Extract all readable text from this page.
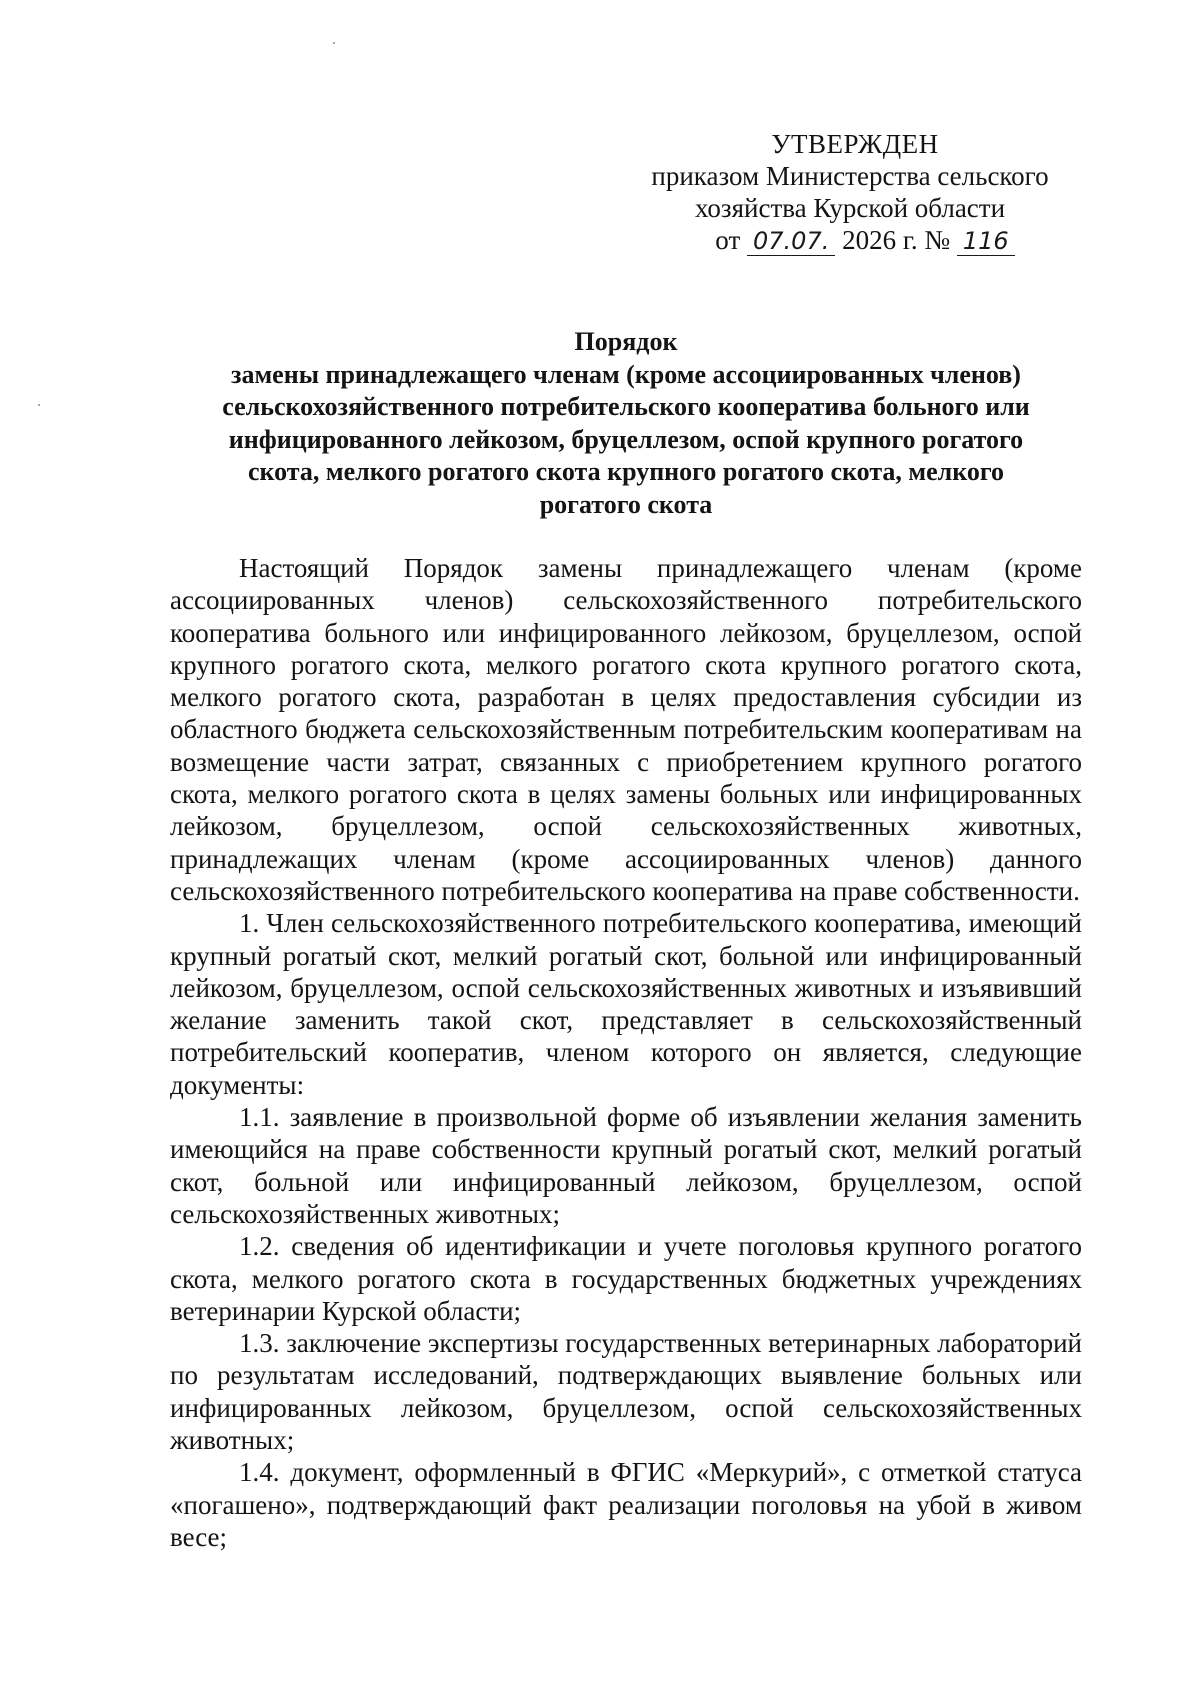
УТВЕРЖДЕН
приказом Министерства сельского
хозяйства Курской области
от 07.07. 2026 г. № 116
Порядок
замены принадлежащего членам (кроме ассоциированных членов)
сельскохозяйственного потребительского кооператива больного или
инфицированного лейкозом, бруцеллезом, оспой крупного рогатого
скота, мелкого рогатого скота крупного рогатого скота, мелкого
рогатого скота

Настоящий Порядок замены принадлежащего членам (кроме ассоциированных членов) сельскохозяйственного потребительского кооператива больного или инфицированного лейкозом, бруцеллезом, оспой крупного рогатого скота, мелкого рогатого скота крупного рогатого скота, мелкого рогатого скота, разработан в целях предоставления субсидии из областного бюджета сельскохозяйственным потребительским кооперативам на возмещение части затрат, связанных с приобретением крупного рогатого скота, мелкого рогатого скота в целях замены больных или инфицированных лейкозом, бруцеллезом, оспой сельскохозяйственных животных, принадлежащих членам (кроме ассоциированных членов) данного сельскохозяйственного потребительского кооператива на праве собственности.

1. Член сельскохозяйственного потребительского кооператива, имеющий крупный рогатый скот, мелкий рогатый скот, больной или инфицированный лейкозом, бруцеллезом, оспой сельскохозяйственных животных и изъявивший желание заменить такой скот, представляет в сельскохозяйственный потребительский кооператив, членом которого он является, следующие документы:

1.1. заявление в произвольной форме об изъявлении желания заменить имеющийся на праве собственности крупный рогатый скот, мелкий рогатый скот, больной или инфицированный лейкозом, бруцеллезом, оспой сельскохозяйственных животных;

1.2. сведения об идентификации и учете поголовья крупного рогатого скота, мелкого рогатого скота в государственных бюджетных учреждениях ветеринарии Курской области;

1.3. заключение экспертизы государственных ветеринарных лабораторий по результатам исследований, подтверждающих выявление больных или инфицированных лейкозом, бруцеллезом, оспой сельскохозяйственных животных;

1.4. документ, оформленный в ФГИС «Меркурий», с отметкой статуса «погашено», подтверждающий факт реализации поголовья на убой в живом весе;
